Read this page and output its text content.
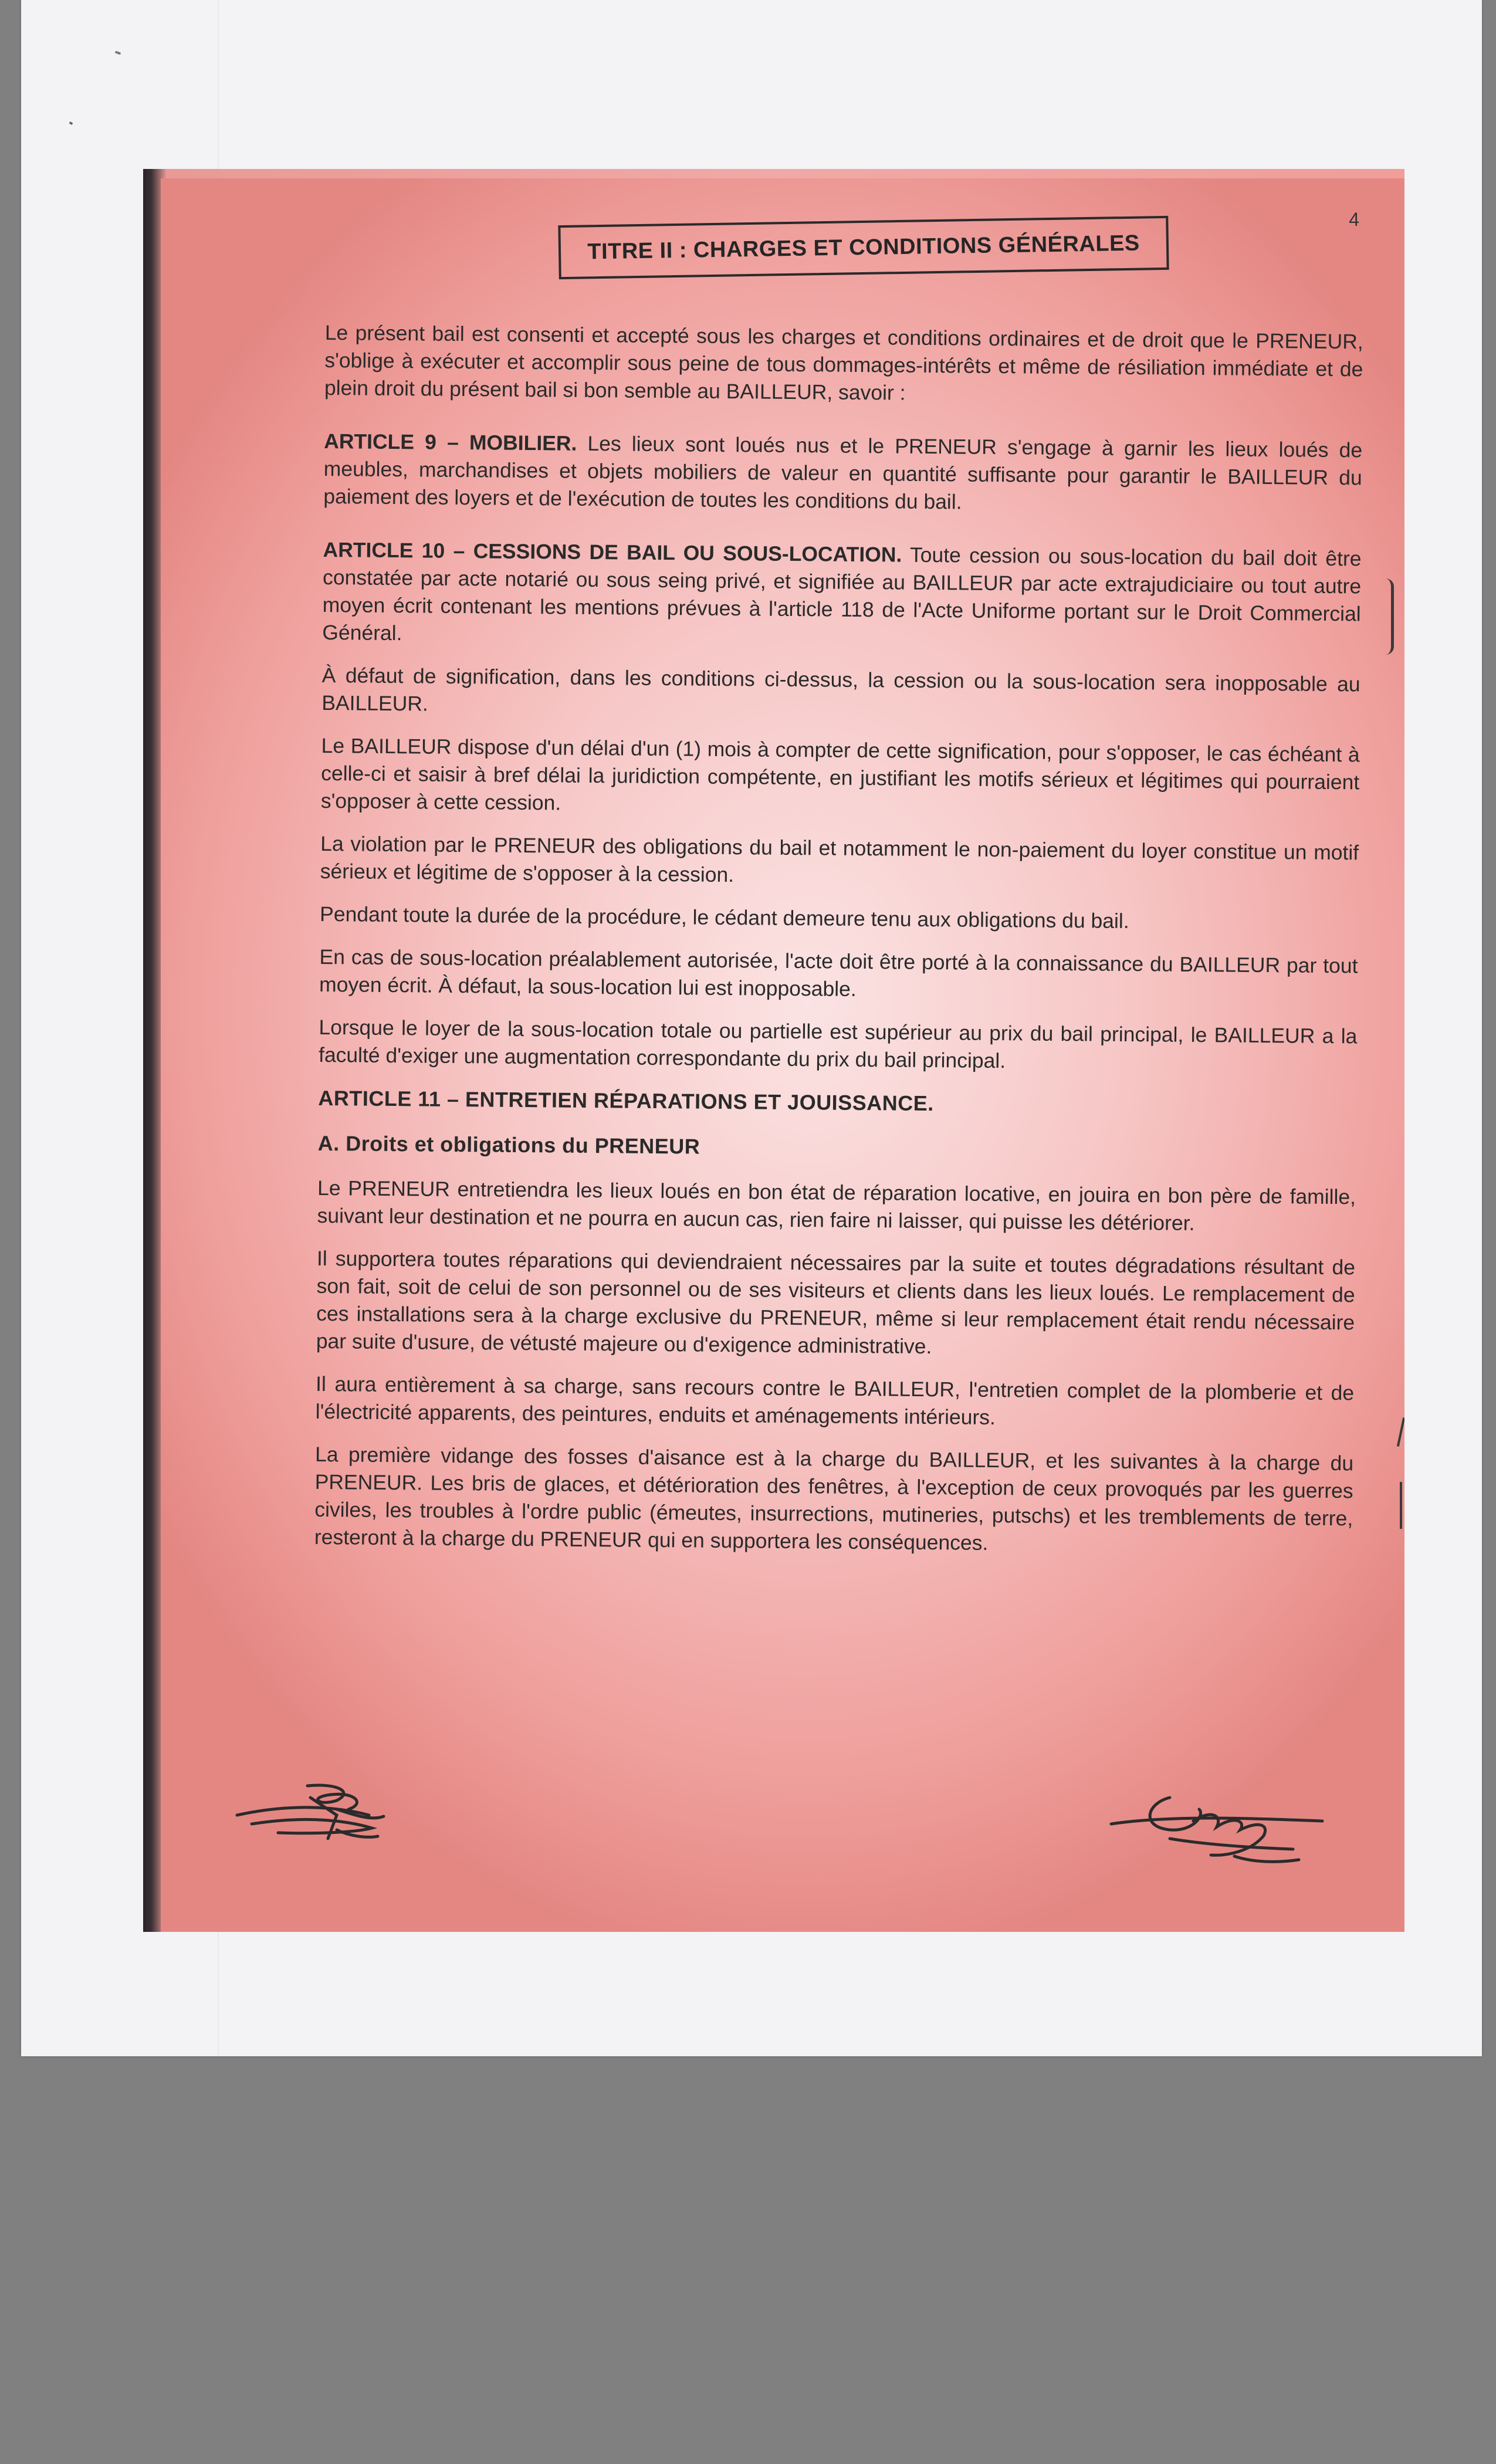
4
TITRE II : CHARGES ET CONDITIONS GÉNÉRALES

Le présent bail est consenti et accepté sous les charges et conditions ordinaires et de droit que le PRENEUR, s'oblige à exécuter et accomplir sous peine de tous dommages-intérêts et même de résiliation immédiate et de plein droit du présent bail si bon semble au BAILLEUR, savoir :

ARTICLE 9 – MOBILIER. Les lieux sont loués nus et le PRENEUR s'engage à garnir les lieux loués de meubles, marchandises et objets mobiliers de valeur en quantité suffisante pour garantir le BAILLEUR du paiement des loyers et de l'exécution de toutes les conditions du bail.

ARTICLE 10 – CESSIONS DE BAIL OU SOUS-LOCATION. Toute cession ou sous-location du bail doit être constatée par acte notarié ou sous seing privé, et signifiée au BAILLEUR par acte extrajudiciaire ou tout autre moyen écrit contenant les mentions prévues à l'article 118 de l'Acte Uniforme portant sur le Droit Commercial Général.

À défaut de signification, dans les conditions ci-dessus, la cession ou la sous-location sera inopposable au BAILLEUR.

Le BAILLEUR dispose d'un délai d'un (1) mois à compter de cette signification, pour s'opposer, le cas échéant à celle-ci et saisir à bref délai la juridiction compétente, en justifiant les motifs sérieux et légitimes qui pourraient s'opposer à cette cession.

La violation par le PRENEUR des obligations du bail et notamment le non-paiement du loyer constitue un motif sérieux et légitime de s'opposer à la cession.

Pendant toute la durée de la procédure, le cédant demeure tenu aux obligations du bail.

En cas de sous-location préalablement autorisée, l'acte doit être porté à la connaissance du BAILLEUR par tout moyen écrit. À défaut, la sous-location lui est inopposable.

Lorsque le loyer de la sous-location totale ou partielle est supérieur au prix du bail principal, le BAILLEUR a la faculté d'exiger une augmentation correspondante du prix du bail principal.

ARTICLE 11 – ENTRETIEN RÉPARATIONS ET JOUISSANCE.

A. Droits et obligations du PRENEUR

Le PRENEUR entretiendra les lieux loués en bon état de réparation locative, en jouira en bon père de famille, suivant leur destination et ne pourra en aucun cas, rien faire ni laisser, qui puisse les détériorer.

Il supportera toutes réparations qui deviendraient nécessaires par la suite et toutes dégradations résultant de son fait, soit de celui de son personnel ou de ses visiteurs et clients dans les lieux loués. Le remplacement de ces installations sera à la charge exclusive du PRENEUR, même si leur remplacement était rendu nécessaire par suite d'usure, de vétusté majeure ou d'exigence administrative.

Il aura entièrement à sa charge, sans recours contre le BAILLEUR, l'entretien complet de la plomberie et de l'électricité apparents, des peintures, enduits et aménagements intérieurs.

La première vidange des fosses d'aisance est à la charge du BAILLEUR, et les suivantes à la charge du PRENEUR. Les bris de glaces, et détérioration des fenêtres, à l'exception de ceux provoqués par les guerres civiles, les troubles à l'ordre public (émeutes, insurrections, mutineries, putschs) et les tremblements de terre, resteront à la charge du PRENEUR qui en supportera les conséquences.
